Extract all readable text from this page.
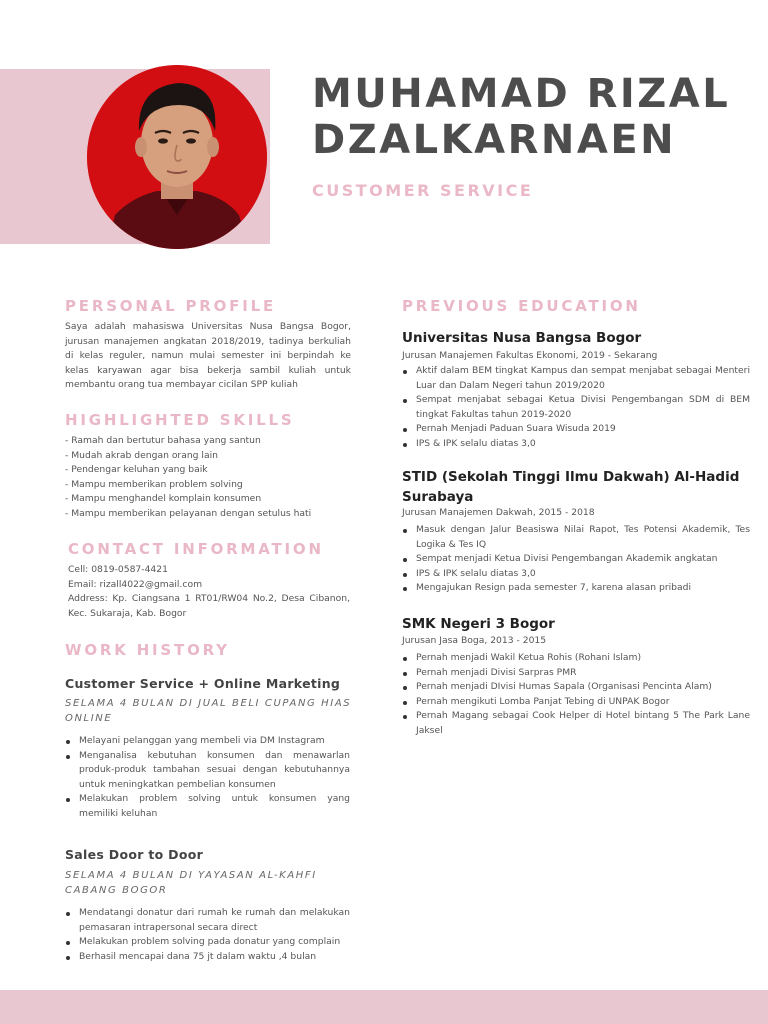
MUHAMAD RIZAL
DZALKARNAEN

CUSTOMER SERVICE

PERSONAL PROFILE

Saya adalah mahasiswa Universitas Nusa Bangsa Bogor, jurusan manajemen angkatan 2018/2019, tadinya berkuliah di kelas reguler, namun mulai semester ini berpindah ke kelas karyawan agar bisa bekerja sambil kuliah untuk membantu orang tua membayar cicilan SPP kuliah

HIGHLIGHTED SKILLS
- Ramah dan bertutur bahasa yang santun
- Mudah akrab dengan orang lain
- Pendengar keluhan yang baik
- Mampu memberikan problem solving
- Mampu menghandel komplain konsumen
- Mampu memberikan pelayanan dengan setulus hati
CONTACT INFORMATION
Cell: 0819-0587-4421
Email: rizall4022@gmail.com
Address: Kp. Ciangsana 1 RT01/RW04 No.2, Desa Cibanon, Kec. Sukaraja, Kab. Bogor
WORK HISTORY

Customer Service + Online Marketing

SELAMA 4 BULAN DI JUAL BELI CUPANG HIAS ONLINE

Melayani pelanggan yang membeli via DM Instagram
Menganalisa kebutuhan konsumen dan menawarlan produk-produk tambahan sesuai dengan kebutuhannya untuk meningkatkan pembelian konsumen
Melakukan problem solving untuk konsumen yang memiliki keluhan

Sales Door to Door

SELAMA 4 BULAN DI YAYASAN AL-KAHFI CABANG BOGOR

Mendatangi donatur dari rumah ke rumah dan melakukan pemasaran intrapersonal secara direct
Melakukan problem solving pada donatur yang complain
Berhasil mencapai dana 75 jt dalam waktu ,4 bulan
PREVIOUS EDUCATION

Universitas Nusa Bangsa Bogor

Jurusan Manajemen Fakultas Ekonomi, 2019 - Sekarang

Aktif dalam BEM tingkat Kampus dan sempat menjabat sebagai Menteri Luar dan Dalam Negeri tahun 2019/2020
Sempat menjabat sebagai Ketua Divisi Pengembangan SDM di BEM tingkat Fakultas tahun 2019-2020
Pernah Menjadi Paduan Suara Wisuda 2019
IPS & IPK selalu diatas 3,0

STID (Sekolah Tinggi Ilmu Dakwah) Al-Hadid Surabaya

Jurusan Manajemen Dakwah, 2015 - 2018

Masuk dengan Jalur Beasiswa Nilai Rapot, Tes Potensi Akademik, Tes Logika & Tes IQ
Sempat menjadi Ketua Divisi Pengembangan Akademik angkatan
IPS & IPK selalu diatas 3,0
Mengajukan Resign pada semester 7, karena alasan pribadi

SMK Negeri 3 Bogor

Jurusan Jasa Boga, 2013 - 2015

Pernah menjadi Wakil Ketua Rohis (Rohani Islam)
Pernah menjadi Divisi Sarpras PMR
Pernah menjadi DIvisi Humas Sapala (Organisasi Pencinta Alam)
Pernah mengikuti Lomba Panjat Tebing di UNPAK Bogor
Pernah Magang sebagai Cook Helper di Hotel bintang 5 The Park Lane Jaksel
